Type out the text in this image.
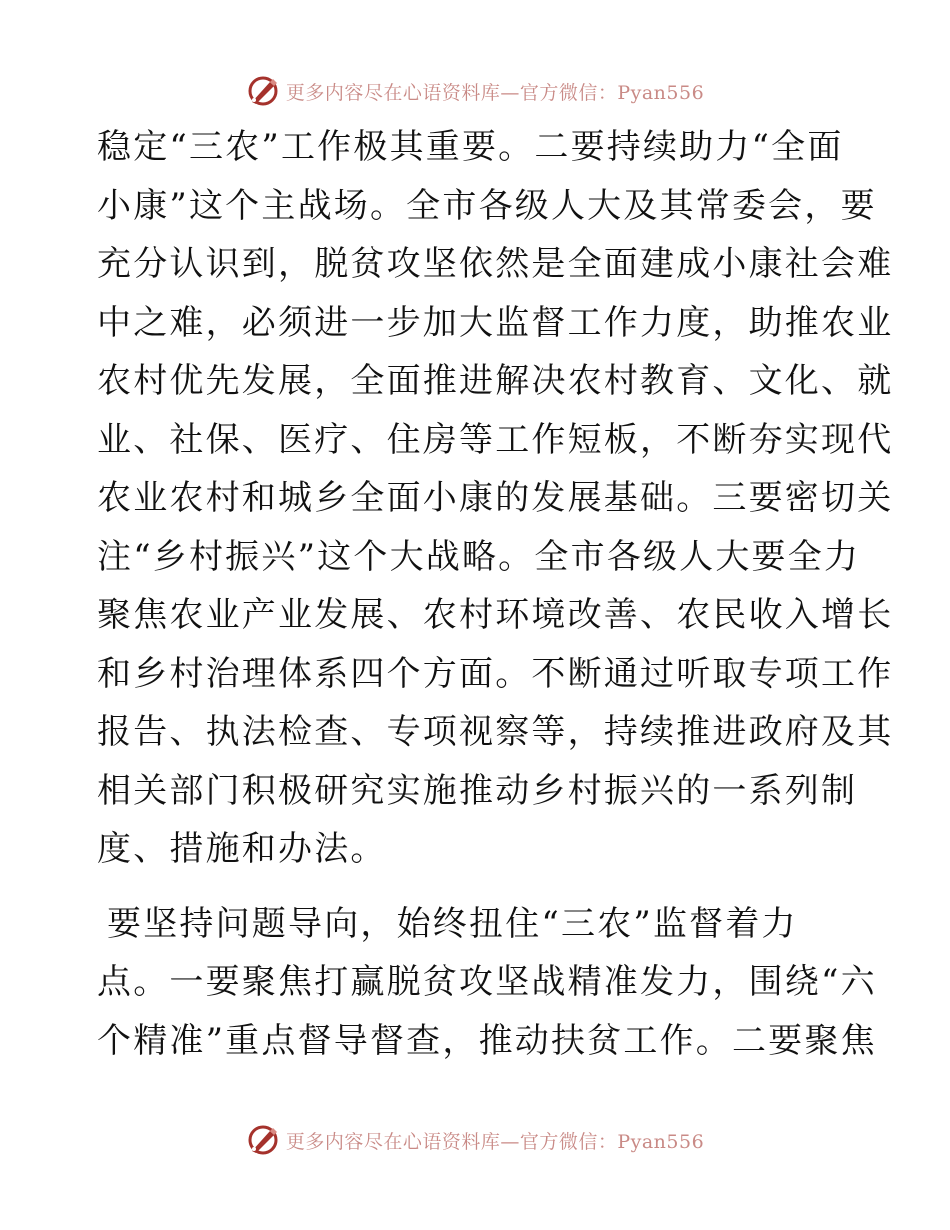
更多内容尽在心语资料库—官方微信：Pyan556
稳定“三农”工作极其重要。二要持续助力“全面
小康”这个主战场。全市各级人大及其常委会，要
充分认识到，脱贫攻坚依然是全面建成小康社会难
中之难，必须进一步加大监督工作力度，助推农业
农村优先发展，全面推进解决农村教育、文化、就
业、社保、医疗、住房等工作短板，不断夯实现代
农业农村和城乡全面小康的发展基础。三要密切关
注“乡村振兴”这个大战略。全市各级人大要全力
聚焦农业产业发展、农村环境改善、农民收入增长
和乡村治理体系四个方面。不断通过听取专项工作
报告、执法检查、专项视察等，持续推进政府及其
相关部门积极研究实施推动乡村振兴的一系列制
度、措施和办法。
要坚持问题导向，始终扭住“三农”监督着力
点。一要聚焦打赢脱贫攻坚战精准发力，围绕“六
个精准”重点督导督查，推动扶贫工作。二要聚焦
更多内容尽在心语资料库—官方微信：Pyan556
